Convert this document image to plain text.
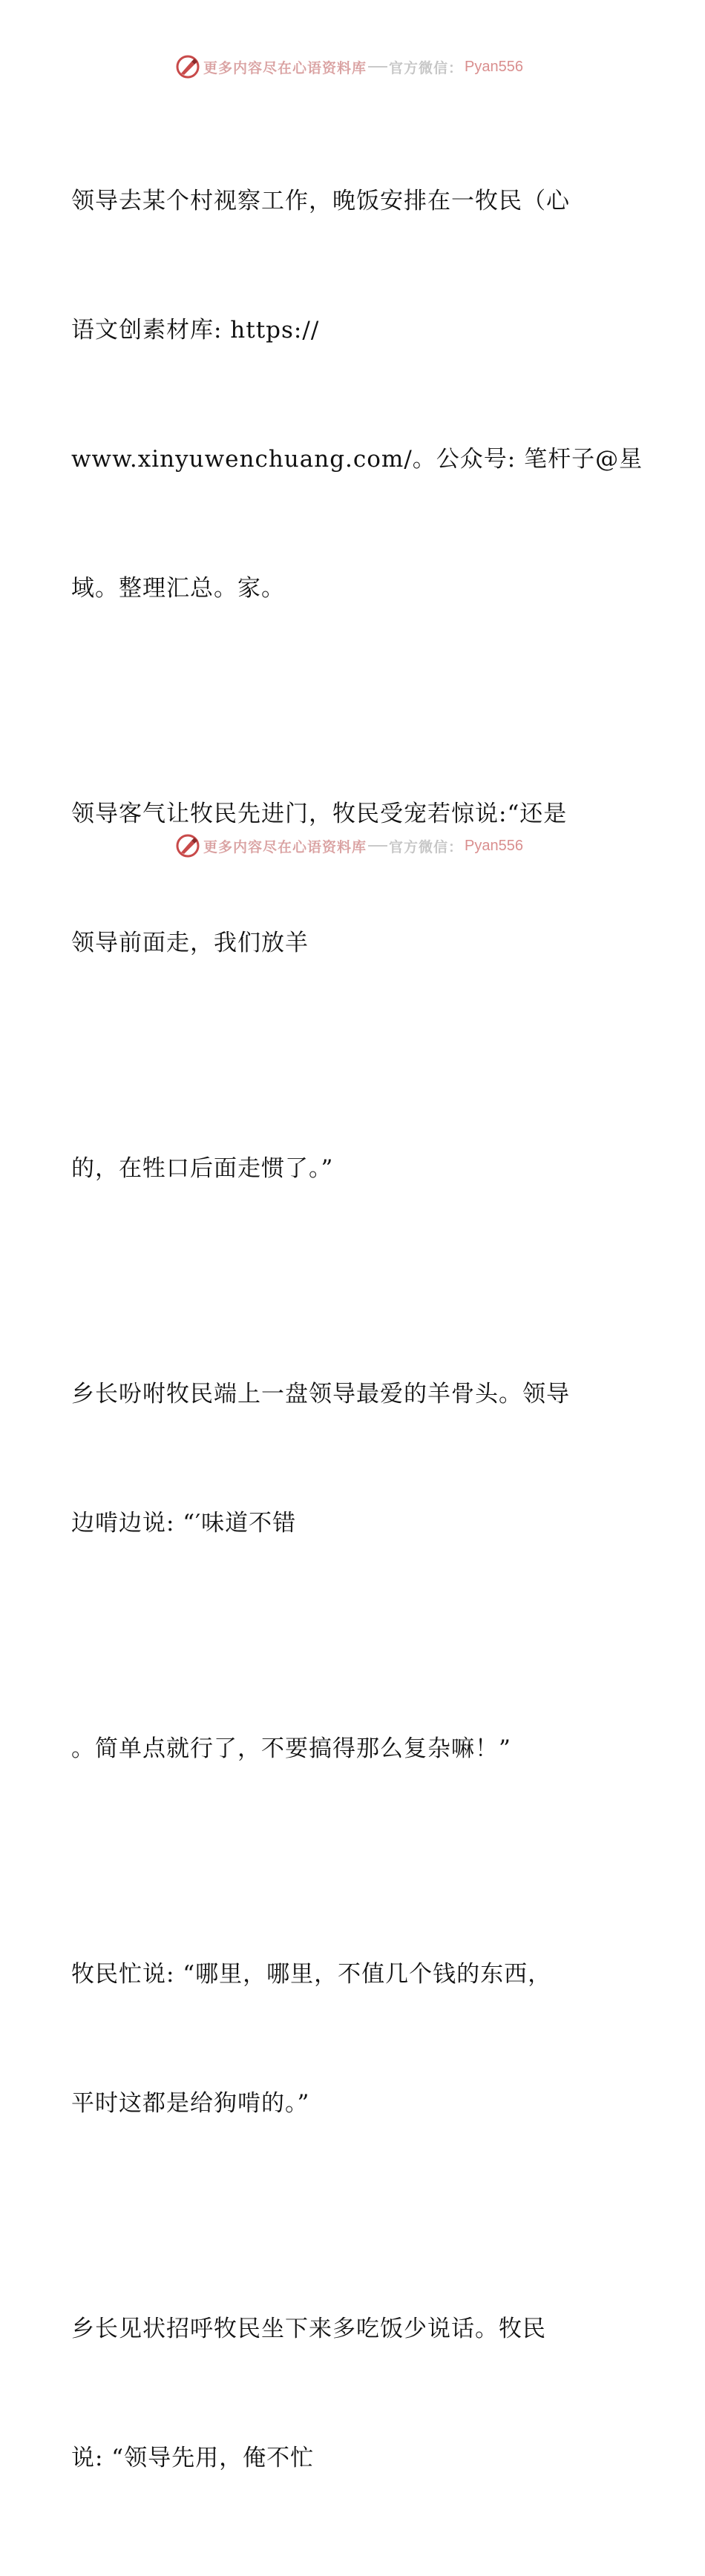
更多内容尽在心语资料库 官方微信： Pyan556

领导去某个村视察工作，晚饭安排在一牧民（心

语文创素材库: https://

www.xinyuwenchuang.com/。公众号: 笔杆子@星

域。整理汇总。家。

领导客气让牧民先进门，牧民受宠若惊说:“还是

领导前面走，我们放羊

的，在牲口后面走惯了。”

乡长吩咐牧民端上一盘领导最爱的羊骨头。领导

边啃边说: “′味道不错

。简单点就行了，不要搞得那么复杂嘛！”

牧民忙说: “哪里，哪里，不值几个钱的东西，

平时这都是给狗啃的。”

乡长见状招呼牧民坐下来多吃饭少说话。牧民

说: “领导先用，俺不忙

更多内容尽在心语资料库 官方微信： Pyan556
